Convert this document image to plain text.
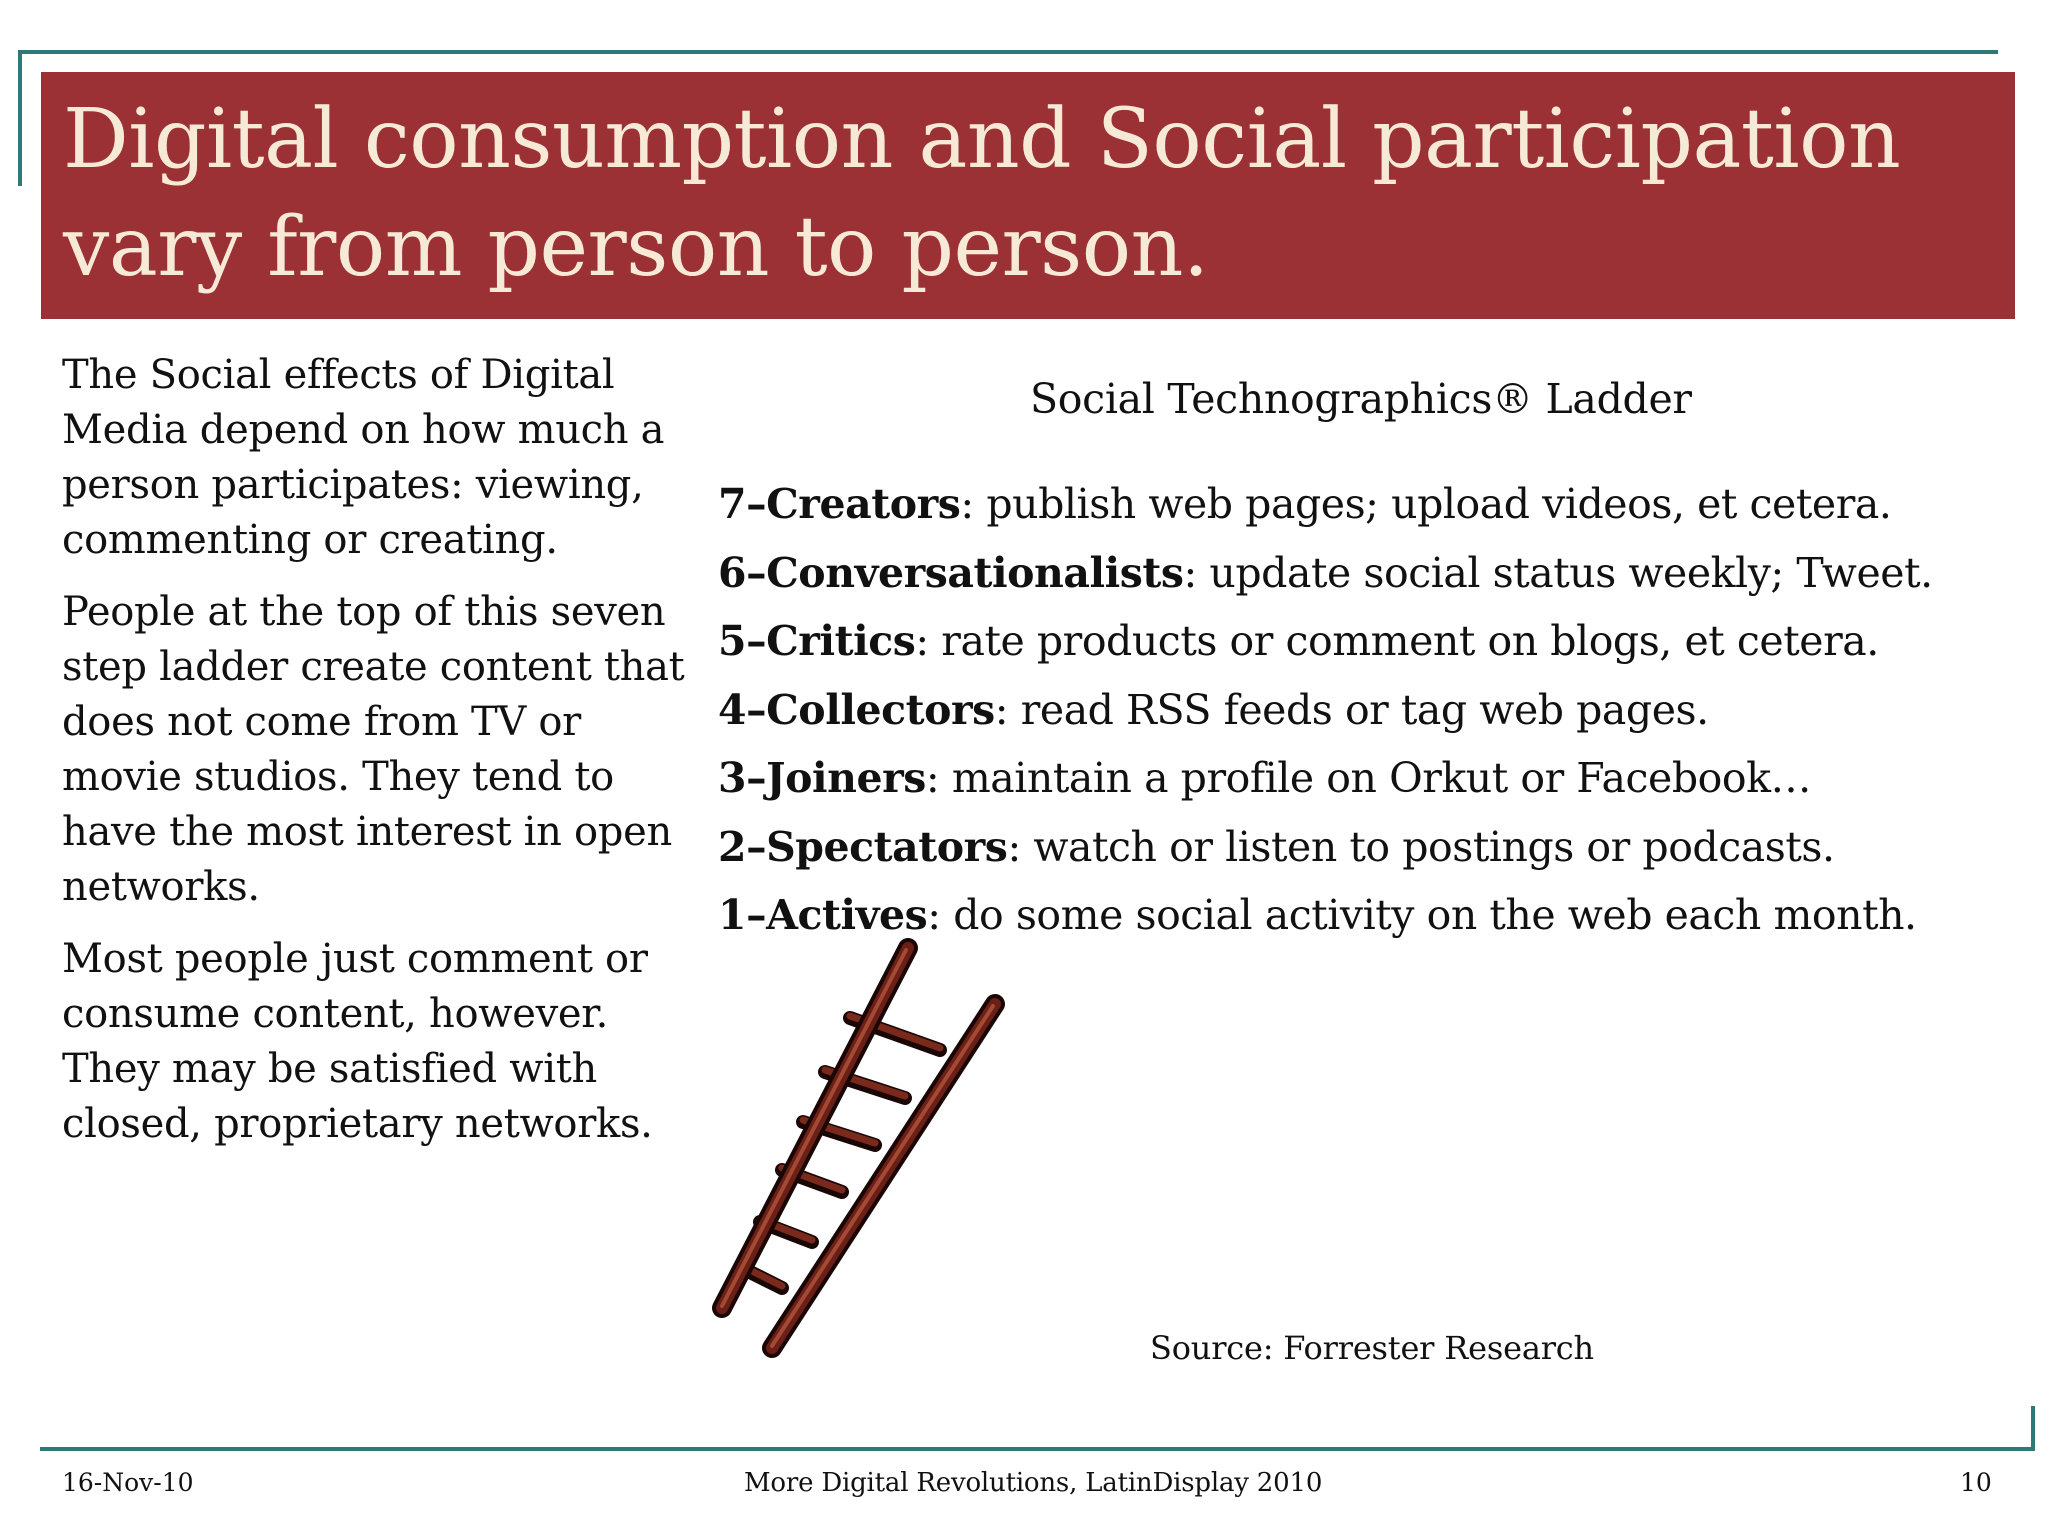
Digital consumption and Social participation
vary from person to person.

The Social effects of Digital Media depend on how much a person participates: viewing, commenting or creating.

People at the top of this seven step ladder create content that does not come from TV or movie studios. They tend to have the most interest in open networks.

Most people just comment or consume content, however. They may be satisfied with closed, proprietary networks.

Social Technographics® Ladder
7–Creators: publish web pages; upload videos, et cetera.
6–Conversationalists: update social status weekly; Tweet.
5–Critics: rate products or comment on blogs, et cetera.
4–Collectors: read RSS feeds or tag web pages.
3–Joiners: maintain a profile on Orkut or Facebook…
2–Spectators: watch or listen to postings or podcasts.
1–Actives: do some social activity on the web each month.
Source: Forrester Research
16-Nov-10	More Digital Revolutions, LatinDisplay 2010	10
